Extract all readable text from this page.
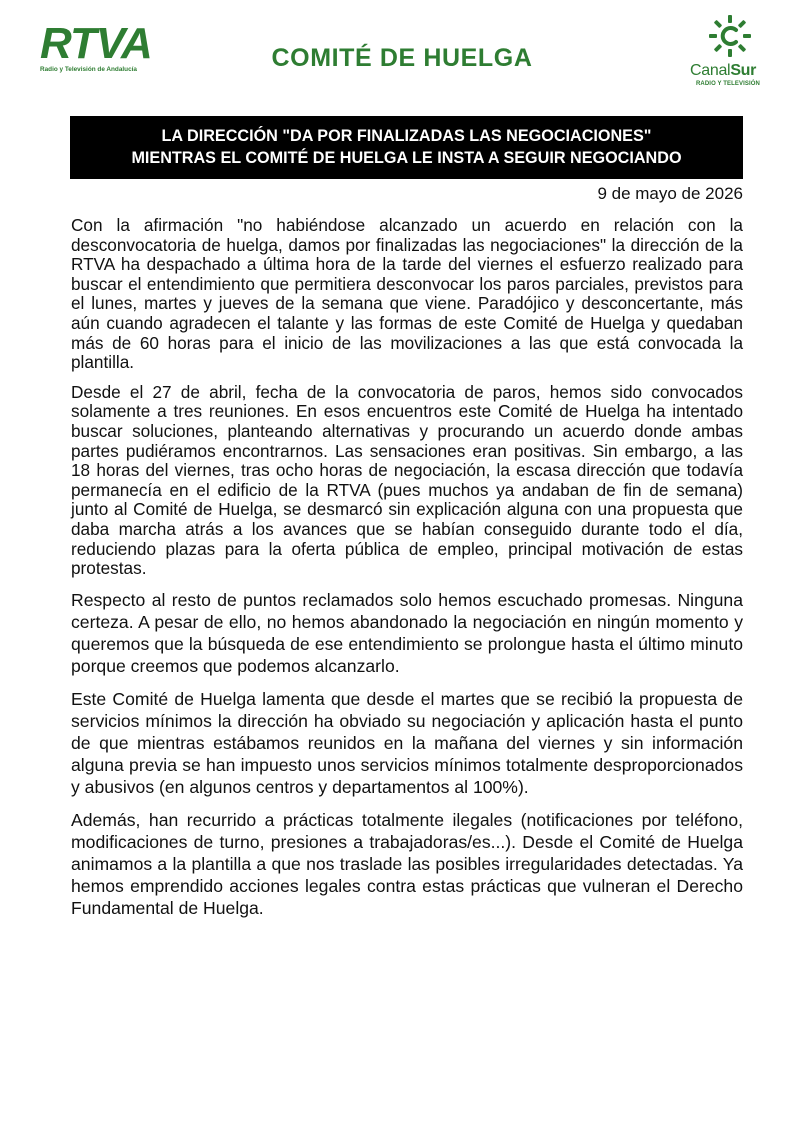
RTVA
Radio y Televisión de Andalucía	COMITÉ DE HUELGA	CanalSur
RADIO Y TELEVISIÓN
LA DIRECCIÓN "DA POR FINALIZADAS LAS NEGOCIACIONES"
MIENTRAS EL COMITÉ DE HUELGA LE INSTA A SEGUIR NEGOCIANDO
9 de mayo de 2026

Con la afirmación "no habiéndose alcanzado un acuerdo en relación con la desconvocatoria de huelga, damos por finalizadas las negociaciones" la dirección de la RTVA ha despachado a última hora de la tarde del viernes el esfuerzo realizado para buscar el entendimiento que permitiera desconvocar los paros parciales, previstos para el lunes, martes y jueves de la semana que viene. Paradójico y desconcertante, más aún cuando agradecen el talante y las formas de este Comité de Huelga y quedaban más de 60 horas para el inicio de las movilizaciones a las que está convocada la plantilla.

Desde el 27 de abril, fecha de la convocatoria de paros, hemos sido convocados solamente a tres reuniones. En esos encuentros este Comité de Huelga ha intentado buscar soluciones, planteando alternativas y procurando un acuerdo donde ambas partes pudiéramos encontrarnos. Las sensaciones eran positivas. Sin embargo, a las 18 horas del viernes, tras ocho horas de negociación, la escasa dirección que todavía permanecía en el edificio de la RTVA (pues muchos ya andaban de fin de semana) junto al Comité de Huelga, se desmarcó sin explicación alguna con una propuesta que daba marcha atrás a los avances que se habían conseguido durante todo el día, reduciendo plazas para la oferta pública de empleo, principal motivación de estas protestas.

Respecto al resto de puntos reclamados solo hemos escuchado promesas. Ninguna certeza. A pesar de ello, no hemos abandonado la negociación en ningún momento y queremos que la búsqueda de ese entendimiento se prolongue hasta el último minuto porque creemos que podemos alcanzarlo.

Este Comité de Huelga lamenta que desde el martes que se recibió la propuesta de servicios mínimos la dirección ha obviado su negociación y aplicación hasta el punto de que mientras estábamos reunidos en la mañana del viernes y sin información alguna previa se han impuesto unos servicios mínimos totalmente desproporcionados y abusivos (en algunos centros y departamentos al 100%).

Además, han recurrido a prácticas totalmente ilegales (notificaciones por teléfono, modificaciones de turno, presiones a trabajadoras/es...). Desde el Comité de Huelga animamos a la plantilla a que nos traslade las posibles irregularidades detectadas. Ya hemos emprendido acciones legales contra estas prácticas que vulneran el Derecho Fundamental de Huelga.
